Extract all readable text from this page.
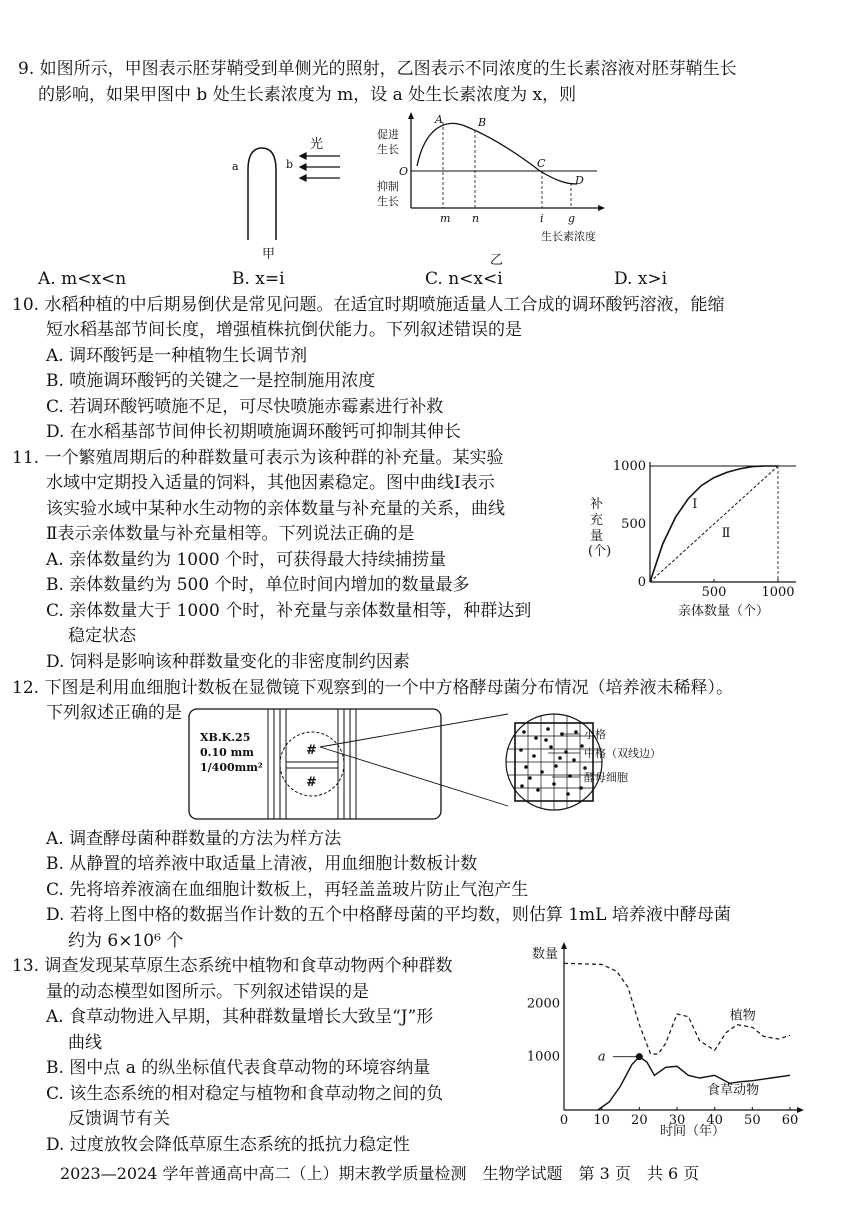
9. 如图所示，甲图表示胚芽鞘受到单侧光的照射，乙图表示不同浓度的生长素溶液对胚芽鞘生长
的影响，如果甲图中 b 处生长素浓度为 m，设 a 处生长素浓度为 x，则
a	b
光
甲
促进
生长
抑制
生长
O
A	B
C
D
m n	i g
生长素浓度
乙
A. m<x<n	B. x=i	C. n<x<i	D. x>i
10. 水稻种植的中后期易倒伏是常见问题。在适宜时期喷施适量人工合成的调环酸钙溶液，能缩
短水稻基部节间长度，增强植株抗倒伏能力。下列叙述错误的是
A. 调环酸钙是一种植物生长调节剂
B. 喷施调环酸钙的关键之一是控制施用浓度
C. 若调环酸钙喷施不足，可尽快喷施赤霉素进行补救
D. 在水稻基部节间伸长初期喷施调环酸钙可抑制其伸长
11. 一个繁殖周期后的种群数量可表示为该种群的补充量。某实验
水域中定期投入适量的饲料，其他因素稳定。图中曲线Ⅰ表示
该实验水域中某种水生动物的亲体数量与补充量的关系，曲线
Ⅱ表示亲体数量与补充量相等。下列说法正确的是
A. 亲体数量约为 1000 个时，可获得最大持续捕捞量
B. 亲体数量约为 500 个时，单位时间内增加的数量最多
C. 亲体数量大于 1000 个时，补充量与亲体数量相等，种群达到
稳定状态
D. 饲料是影响该种群数量变化的非密度制约因素
补
充
量
(个)
亲体数量（个）
Ⅰ
Ⅱ
0
500
1000
500	1000
12. 下图是利用血细胞计数板在显微镜下观察到的一个中方格酵母菌分布情况（培养液未稀释）。
下列叙述正确的是
XB.K.25
0.10 mm
1/400mm²
#
#
小格
中格（双线边）
酵母细胞
A. 调查酵母菌种群数量的方法为样方法
B. 从静置的培养液中取适量上清液，用血细胞计数板计数
C. 先将培养液滴在血细胞计数板上，再轻盖盖玻片防止气泡产生
D. 若将上图中格的数据当作计数的五个中格酵母菌的平均数，则估算 1mL 培养液中酵母菌
约为 6×10⁶ 个
13. 调查发现某草原生态系统中植物和食草动物两个种群数
量的动态模型如图所示。下列叙述错误的是
A. 食草动物进入早期，其种群数量增长大致呈“J”形
曲线
B. 图中点 a 的纵坐标值代表食草动物的环境容纳量
C. 该生态系统的相对稳定与植物和食草动物之间的负
反馈调节有关
D. 过度放牧会降低草原生态系统的抵抗力稳定性
数量
时间（年）
a
植物
食草动物
1000
2000
0 10 20 30 40 50 60
2023—2024 学年普通高中高二（上）期末教学质量检测　生物学试题　第 3 页　共 6 页
